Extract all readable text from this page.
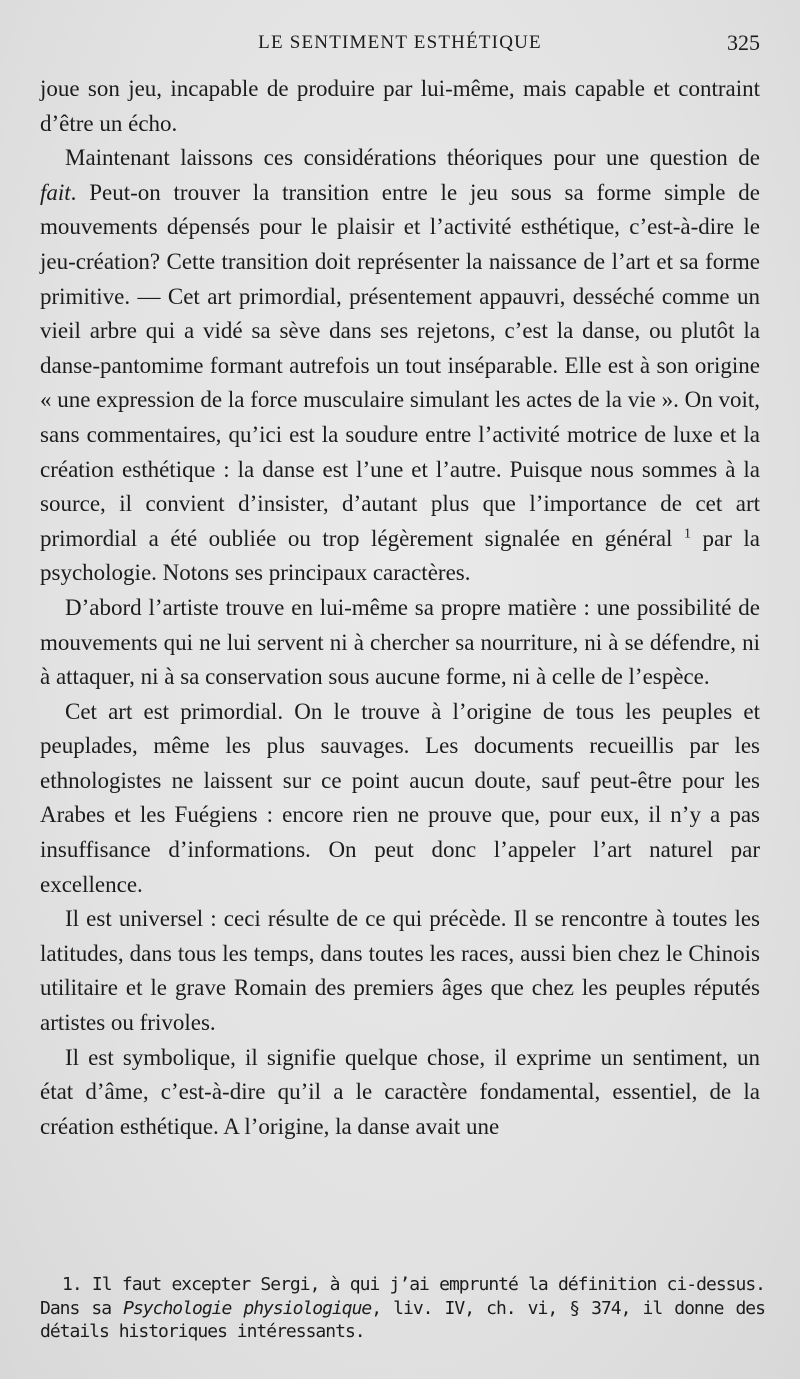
LE SENTIMENT ESTHÉTIQUE	325

joue son jeu, incapable de produire par lui-même, mais capable et contraint d’être un écho.

Maintenant laissons ces considérations théoriques pour une question de fait. Peut-on trouver la transition entre le jeu sous sa forme simple de mouvements dépensés pour le plaisir et l’activité esthétique, c’est-à-dire le jeu-création? Cette transition doit représenter la naissance de l’art et sa forme primitive. — Cet art primordial, présentement appauvri, desséché comme un vieil arbre qui a vidé sa sève dans ses rejetons, c’est la danse, ou plutôt la danse-pantomime formant autrefois un tout inséparable. Elle est à son origine « une expression de la force musculaire simulant les actes de la vie ». On voit, sans commentaires, qu’ici est la soudure entre l’activité motrice de luxe et la création esthétique : la danse est l’une et l’autre. Puisque nous sommes à la source, il convient d’insister, d’autant plus que l’importance de cet art primordial a été oubliée ou trop légèrement signalée en général $^1$ par la psychologie. Notons ses principaux caractères.

D’abord l’artiste trouve en lui-même sa propre matière : une possibilité de mouvements qui ne lui servent ni à chercher sa nourriture, ni à se défendre, ni à attaquer, ni à sa conservation sous aucune forme, ni à celle de l’espèce.

Cet art est primordial. On le trouve à l’origine de tous les peuples et peuplades, même les plus sauvages. Les documents recueillis par les ethnologistes ne laissent sur ce point aucun doute, sauf peut-être pour les Arabes et les Fuégiens : encore rien ne prouve que, pour eux, il n’y a pas insuffisance d’informations. On peut donc l’appeler l’art naturel par excellence.

Il est universel : ceci résulte de ce qui précède. Il se rencontre à toutes les latitudes, dans tous les temps, dans toutes les races, aussi bien chez le Chinois utilitaire et le grave Romain des premiers âges que chez les peuples réputés artistes ou frivoles.

Il est symbolique, il signifie quelque chose, il exprime un sentiment, un état d’âme, c’est-à-dire qu’il a le caractère fondamental, essentiel, de la création esthétique. A l’origine, la danse avait une

1. Il faut excepter Sergi, à qui j’ai emprunté la définition ci-dessus. Dans sa Psychologie physiologique, liv. IV, ch. vi, § 374, il donne des détails historiques intéressants.
